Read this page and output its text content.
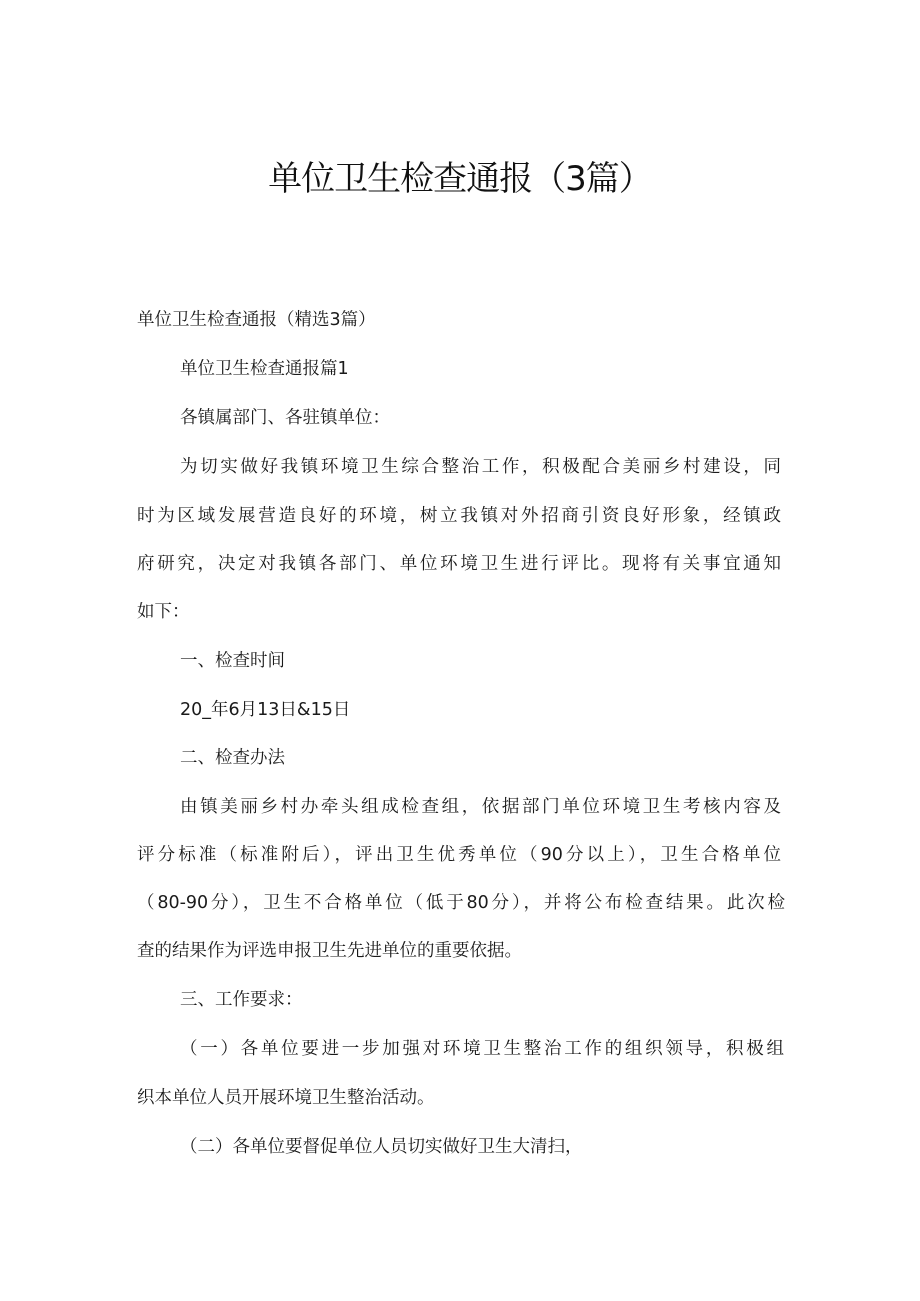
单位卫生检查通报（3篇）

单位卫生检查通报（精选3篇）

单位卫生检查通报篇1

各镇属部门、各驻镇单位：

为切实做好我镇环境卫生综合整治工作，积极配合美丽乡村建设，同

时为区域发展营造良好的环境，树立我镇对外招商引资良好形象，经镇政

府研究，决定对我镇各部门、单位环境卫生进行评比。现将有关事宜通知

如下：

一、检查时间

20_年6月13日&15日

二、检查办法

由镇美丽乡村办牵头组成检查组，依据部门单位环境卫生考核内容及

评分标准（标准附后），评出卫生优秀单位（90分以上），卫生合格单位

（80-90分），卫生不合格单位（低于80分），并将公布检查结果。此次检

查的结果作为评选申报卫生先进单位的重要依据。

三、工作要求：

（一）各单位要进一步加强对环境卫生整治工作的组织领导，积极组

织本单位人员开展环境卫生整治活动。

（二）各单位要督促单位人员切实做好卫生大清扫，
